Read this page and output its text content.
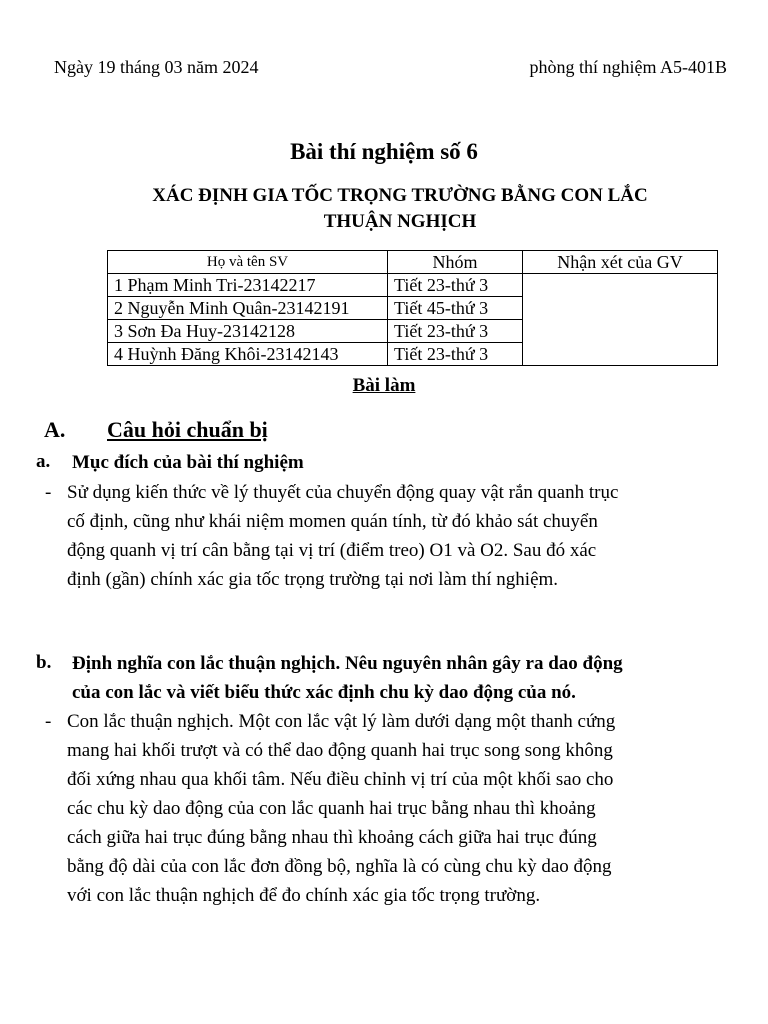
Ngày 19 tháng 03 năm 2024	phòng thí nghiệm A5-401B
Bài thí nghiệm số 6
XÁC ĐỊNH GIA TỐC TRỌNG TRƯỜNG BẰNG CON LẮC
THUẬN NGHỊCH
Họ và tên SV	Nhóm	Nhận xét của GV
1 Phạm Minh Tri-23142217	Tiết 23-thứ 3	
2 Nguyễn Minh Quân-23142191	Tiết 45-thứ 3	
3 Sơn Đa Huy-23142128	Tiết 23-thứ 3	
4 Huỳnh Đăng Khôi-23142143	Tiết 23-thứ 3	
Bài làm
A. Câu hỏi chuẩn bị
a. Mục đích của bài thí nghiệm
- Sử dụng kiến thức về lý thuyết của chuyển động quay vật rắn quanh trục
cố định, cũng như khái niệm momen quán tính, từ đó khảo sát chuyển
động quanh vị trí cân bằng tại vị trí (điểm treo) O1 và O2. Sau đó xác
định (gần) chính xác gia tốc trọng trường tại nơi làm thí nghiệm.
b. Định nghĩa con lắc thuận nghịch. Nêu nguyên nhân gây ra dao động
của con lắc và viết biểu thức xác định chu kỳ dao động của nó.
- Con lắc thuận nghịch. Một con lắc vật lý làm dưới dạng một thanh cứng
mang hai khối trượt và có thể dao động quanh hai trục song song không
đối xứng nhau qua khối tâm. Nếu điều chỉnh vị trí của một khối sao cho
các chu kỳ dao động của con lắc quanh hai trục bằng nhau thì khoảng
cách giữa hai trục đúng bằng nhau thì khoảng cách giữa hai trục đúng
bằng độ dài của con lắc đơn đồng bộ, nghĩa là có cùng chu kỳ dao động
với con lắc thuận nghịch để đo chính xác gia tốc trọng trường.
